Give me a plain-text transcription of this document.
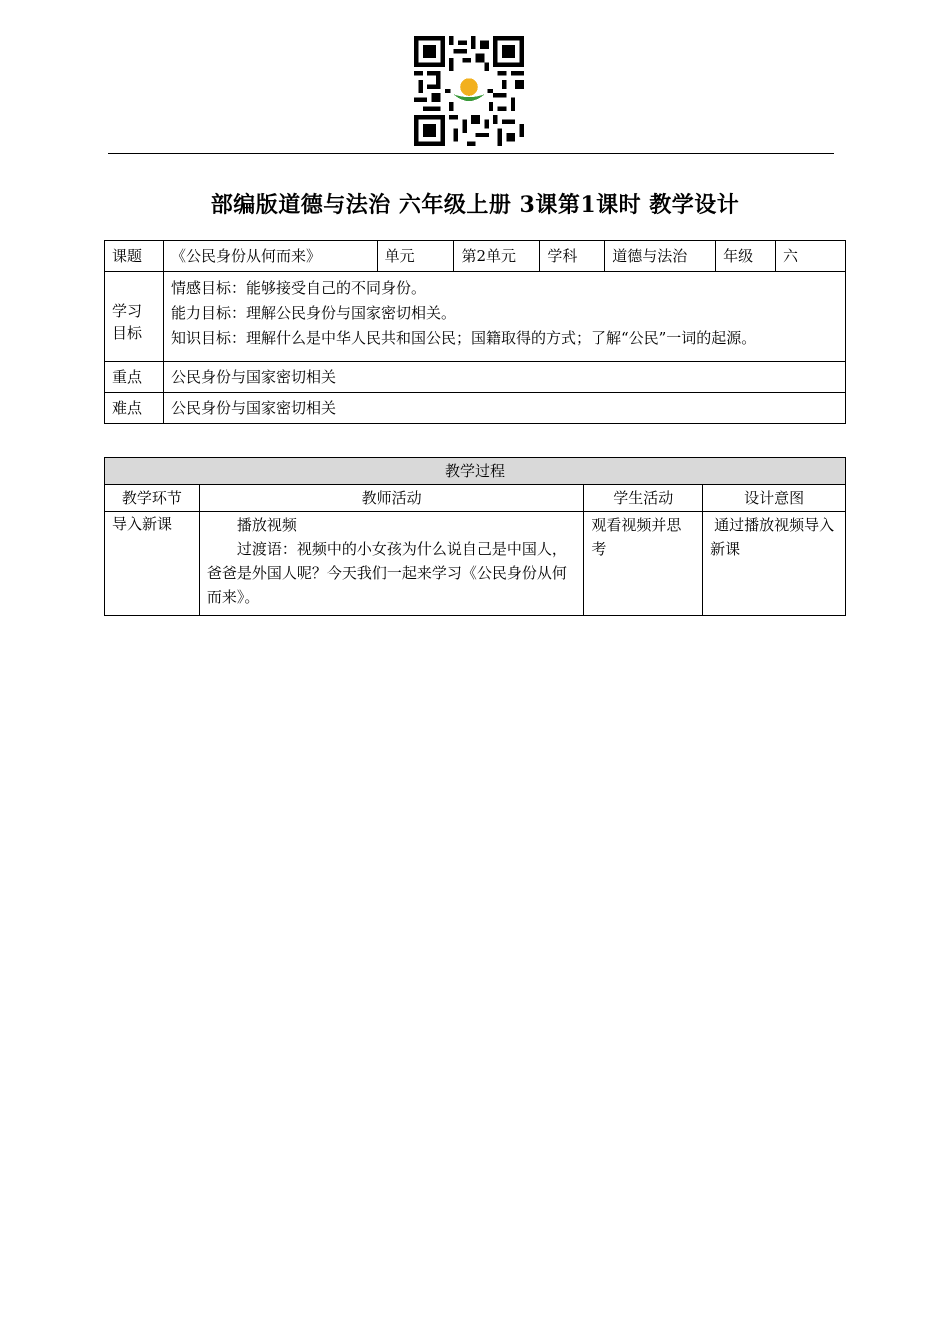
部编版道德与法治 六年级上册 3课第1课时 教学设计
课题	《公民身份从何而来》	单元	第2单元	学科	道德与法治	年级	六

学习
目标	情感目标：能够接受自己的不同身份。
能力目标：理解公民身份与国家密切相关。
知识目标：理解什么是中华人民共和国公民；国籍取得的方式；了解“公民”一词的起源。						

重点	公民身份与国家密切相关						
难点	公民身份与国家密切相关						
教学过程			
教学环节	教师活动	学生活动	设计意图
导入新课	播放视频
过渡语：视频中的小女孩为什么说自己是中国人，爸爸是外国人呢？今天我们一起来学习《公民身份从何而来》。	观看视频并思考	通过播放视频导入新课
